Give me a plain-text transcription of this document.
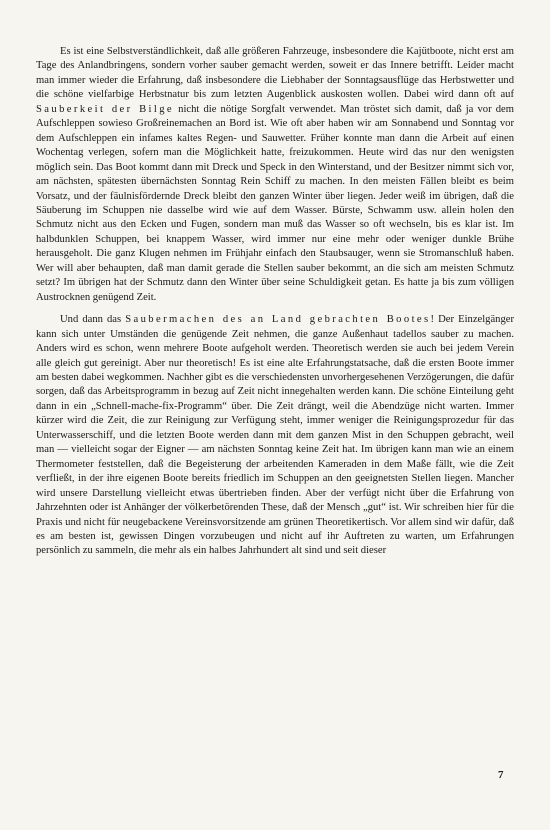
Es ist eine Selbstverständlichkeit, daß alle größeren Fahrzeuge, insbesondere die Kajütboote, nicht erst am Tage des Anlandbringens, sondern vorher sauber gemacht werden, soweit er das Innere betrifft. Leider macht man immer wieder die Erfahrung, daß insbesondere die Liebhaber der Sonntagsausflüge das Herbstwetter und die schöne vielfarbige Herbstnatur bis zum letzten Augenblick auskosten wollen. Dabei wird dann oft auf Sauberkeit der Bilge nicht die nötige Sorgfalt verwendet. Man tröstet sich damit, daß ja vor dem Aufschleppen sowieso Großreinemachen an Bord ist. Wie oft aber haben wir am Sonnabend und Sonntag vor dem Aufschleppen ein infames kaltes Regen- und Sauwetter. Früher konnte man dann die Arbeit auf einen Wochentag verlegen, sofern man die Möglichkeit hatte, freizukommen. Heute wird das nur den wenigsten möglich sein. Das Boot kommt dann mit Dreck und Speck in den Winterstand, und der Besitzer nimmt sich vor, am nächsten, spätesten übernächsten Sonntag Rein Schiff zu machen. In den meisten Fällen bleibt es beim Vorsatz, und der fäulnisfördernde Dreck bleibt den ganzen Winter über liegen. Jeder weiß im übrigen, daß die Säuberung im Schuppen nie dasselbe wird wie auf dem Wasser. Bürste, Schwamm usw. allein holen den Schmutz nicht aus den Ecken und Fugen, sondern man muß das Wasser so oft wechseln, bis es klar ist. Im halbdunklen Schuppen, bei knappem Wasser, wird immer nur eine mehr oder weniger dunkle Brühe herausgeholt. Die ganz Klugen nehmen im Frühjahr einfach den Staubsauger, wenn sie Stromanschluß haben. Wer will aber behaupten, daß man damit gerade die Stellen sauber bekommt, an die sich am meisten Schmutz setzt? Im übrigen hat der Schmutz dann den Winter über seine Schuldigkeit getan. Es hatte ja bis zum völligen Austrocknen genügend Zeit.

Und dann das Saubermachen des an Land gebrachten Bootes! Der Einzelgänger kann sich unter Umständen die genügende Zeit nehmen, die ganze Außenhaut tadellos sauber zu machen. Anders wird es schon, wenn mehrere Boote aufgeholt werden. Theoretisch werden sie auch bei jedem Verein alle gleich gut gereinigt. Aber nur theoretisch! Es ist eine alte Erfahrungstatsache, daß die ersten Boote immer am besten dabei wegkommen. Nachher gibt es die verschiedensten unvorhergesehenen Verzögerungen, die dafür sorgen, daß das Arbeitsprogramm in bezug auf Zeit nicht innegehalten werden kann. Die schöne Einteilung geht dann in ein „Schnell-mache-fix-Programm“ über. Die Zeit drängt, weil die Abendzüge nicht warten. Immer kürzer wird die Zeit, die zur Reinigung zur Verfügung steht, immer weniger die Reinigungsprozedur für das Unterwasserschiff, und die letzten Boote werden dann mit dem ganzen Mist in den Schuppen gebracht, weil man — vielleicht sogar der Eigner — am nächsten Sonntag keine Zeit hat. Im übrigen kann man wie an einem Thermometer feststellen, daß die Begeisterung der arbeitenden Kameraden in dem Maße fällt, wie die Zeit verfließt, in der ihre eigenen Boote bereits friedlich im Schuppen an den geeignetsten Stellen liegen. Mancher wird unsere Darstellung vielleicht etwas übertrieben finden. Aber der verfügt nicht über die Erfahrung von Jahrzehnten oder ist Anhänger der völkerbetörenden These, daß der Mensch „gut“ ist. Wir schreiben hier für die Praxis und nicht für neugebackene Vereinsvorsitzende am grünen Theoretikertisch. Vor allem sind wir dafür, daß es am besten ist, gewissen Dingen vorzubeugen und nicht auf ihr Auftreten zu warten, um Erfahrungen persönlich zu sammeln, die mehr als ein halbes Jahrhundert alt sind und seit dieser

7
